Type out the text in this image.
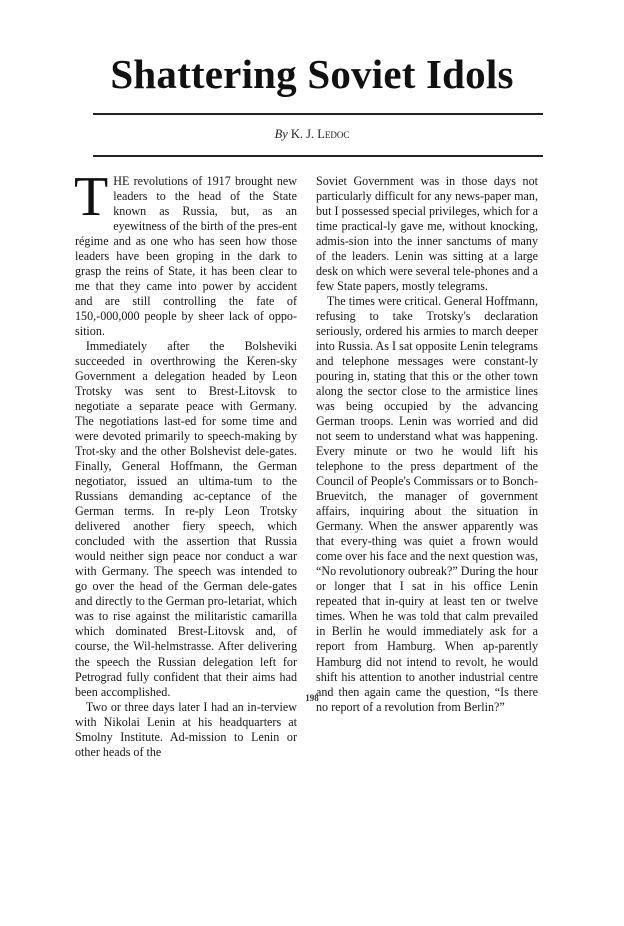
Shattering Soviet Idols
By K. J. Ledoc

THE revolutions of 1917 brought new leaders to the head of the State known as Russia, but, as an eyewitness of the birth of the pres-ent régime and as one who has seen how those leaders have been groping in the dark to grasp the reins of State, it has been clear to me that they came into power by accident and are still controlling the fate of 150,-000,000 people by sheer lack of oppo-sition.

Immediately after the Bolsheviki succeeded in overthrowing the Keren-sky Government a delegation headed by Leon Trotsky was sent to Brest-Litovsk to negotiate a separate peace with Germany. The negotiations last-ed for some time and were devoted primarily to speech-making by Trot-sky and the other Bolshevist dele-gates. Finally, General Hoffmann, the German negotiator, issued an ultima-tum to the Russians demanding ac-ceptance of the German terms. In re-ply Leon Trotsky delivered another fiery speech, which concluded with the assertion that Russia would neither sign peace nor conduct a war with Germany. The speech was intended to go over the head of the German dele-gates and directly to the German pro-letariat, which was to rise against the militaristic camarilla which dominated Brest-Litovsk and, of course, the Wil-helmstrasse. After delivering the speech the Russian delegation left for Petrograd fully confident that their aims had been accomplished.

Two or three days later I had an in-terview with Nikolai Lenin at his headquarters at Smolny Institute. Ad-mission to Lenin or other heads of the

Soviet Government was in those days not particularly difficult for any news-paper man, but I possessed special privileges, which for a time practical-ly gave me, without knocking, admis-sion into the inner sanctums of many of the leaders. Lenin was sitting at a large desk on which were several tele-phones and a few State papers, mostly telegrams.

The times were critical. General Hoffmann, refusing to take Trotsky's declaration seriously, ordered his armies to march deeper into Russia. As I sat opposite Lenin telegrams and telephone messages were constant-ly pouring in, stating that this or the other town along the sector close to the armistice lines was being occupied by the advancing German troops. Lenin was worried and did not seem to understand what was happening. Every minute or two he would lift his telephone to the press department of the Council of People's Commissars or to Bonch-Bruevitch, the manager of government affairs, inquiring about the situation in Germany. When the answer apparently was that every-thing was quiet a frown would come over his face and the next question was, “No revolutionory oubreak?” During the hour or longer that I sat in his office Lenin repeated that in-quiry at least ten or twelve times. When he was told that calm prevailed in Berlin he would immediately ask for a report from Hamburg. When ap-parently Hamburg did not intend to revolt, he would shift his attention to another industrial centre and then again came the question, “Is there no report of a revolution from Berlin?”

198
